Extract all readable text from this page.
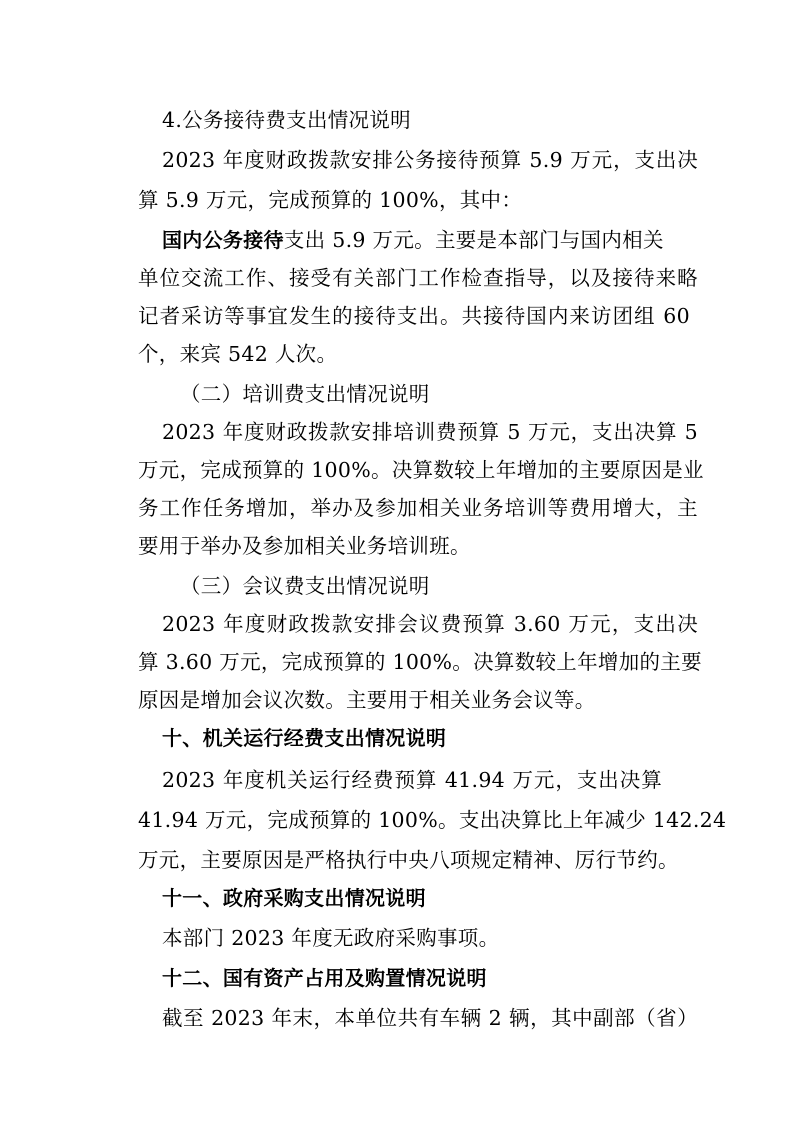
4.公务接待费支出情况说明
2023 年度财政拨款安排公务接待预算 5.9 万元，支出决
算 5.9 万元，完成预算的 100%，其中：
国内公务接待支出 5.9 万元。主要是本部门与国内相关
单位交流工作、接受有关部门工作检查指导，以及接待来略
记者采访等事宜发生的接待支出。共接待国内来访团组 60
个，来宾 542 人次。
（二）培训费支出情况说明
2023 年度财政拨款安排培训费预算 5 万元，支出决算 5
万元，完成预算的 100%。决算数较上年增加的主要原因是业
务工作任务增加，举办及参加相关业务培训等费用增大，主
要用于举办及参加相关业务培训班。
（三）会议费支出情况说明
2023 年度财政拨款安排会议费预算 3.60 万元，支出决
算 3.60 万元，完成预算的 100%。决算数较上年增加的主要
原因是增加会议次数。主要用于相关业务会议等。
十、机关运行经费支出情况说明
2023 年度机关运行经费预算 41.94 万元，支出决算
41.94 万元，完成预算的 100%。支出决算比上年减少 142.24
万元，主要原因是严格执行中央八项规定精神、厉行节约。
十一、政府采购支出情况说明
本部门 2023 年度无政府采购事项。
十二、国有资产占用及购置情况说明
截至 2023 年末，本单位共有车辆 2 辆，其中副部（省）
